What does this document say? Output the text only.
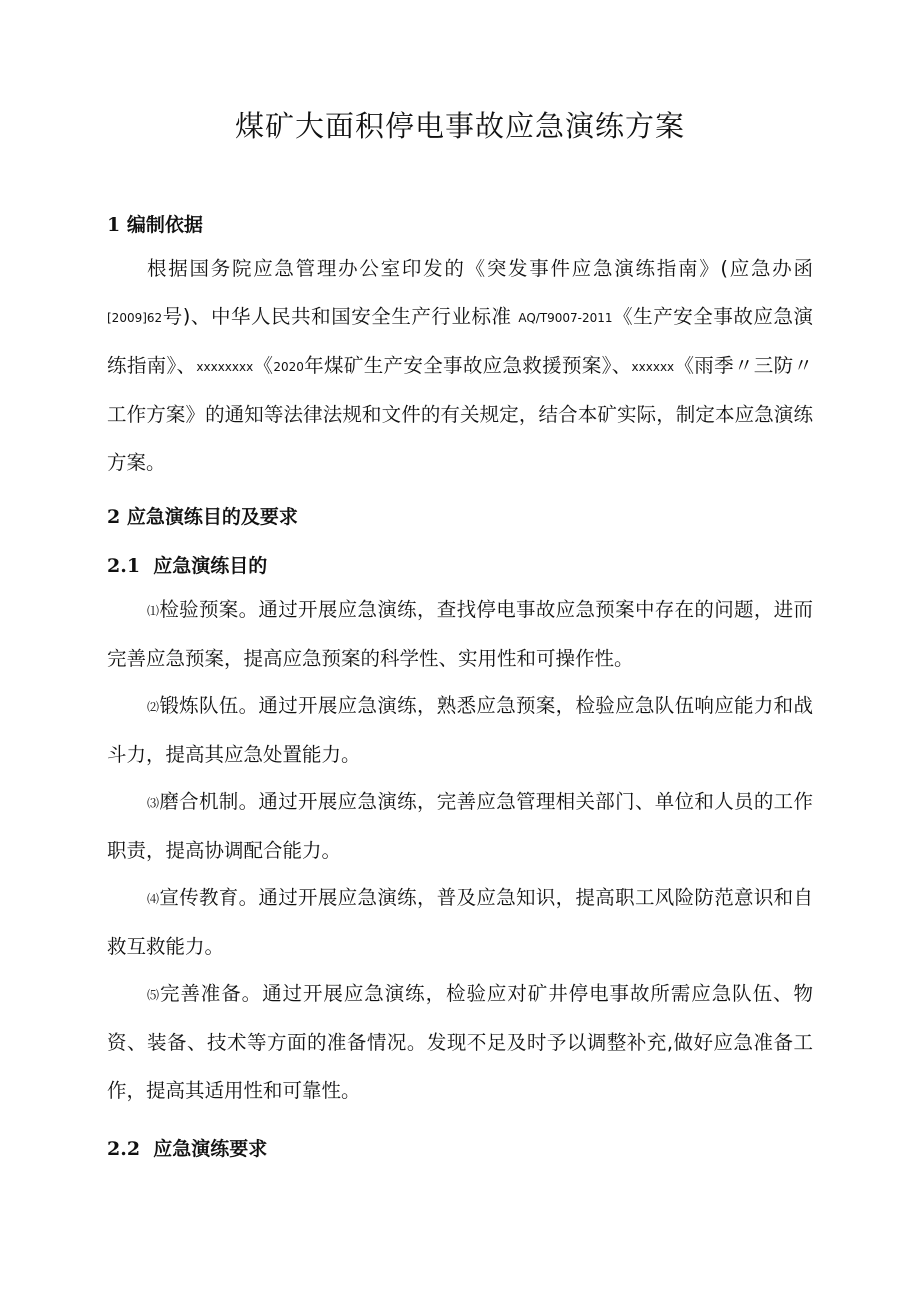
煤矿大面积停电事故应急演练方案
1 编制依据

根据国务院应急管理办公室印发的《突发事件应急演练指南》(应急办函[2009]62号)、中华人民共和国安全生产行业标准 AQ/T9007-2011《生产安全事故应急演练指南》、xxxxxxxx《2020年煤矿生产安全事故应急救援预案》、xxxxxx《雨季〃三防〃工作方案》的通知等法律法规和文件的有关规定，结合本矿实际，制定本应急演练方案。

2 应急演练目的及要求
2.1 应急演练目的

⑴检验预案。通过开展应急演练，查找停电事故应急预案中存在的问题，进而完善应急预案，提高应急预案的科学性、实用性和可操作性。

⑵锻炼队伍。通过开展应急演练，熟悉应急预案，检验应急队伍响应能力和战斗力，提高其应急处置能力。

⑶磨合机制。通过开展应急演练，完善应急管理相关部门、单位和人员的工作职责，提高协调配合能力。

⑷宣传教育。通过开展应急演练，普及应急知识，提高职工风险防范意识和自救互救能力。

⑸完善准备。通过开展应急演练，检验应对矿井停电事故所需应急队伍、物资、装备、技术等方面的准备情况。发现不足及时予以调整补充,做好应急准备工作，提高其适用性和可靠性。

2.2 应急演练要求
